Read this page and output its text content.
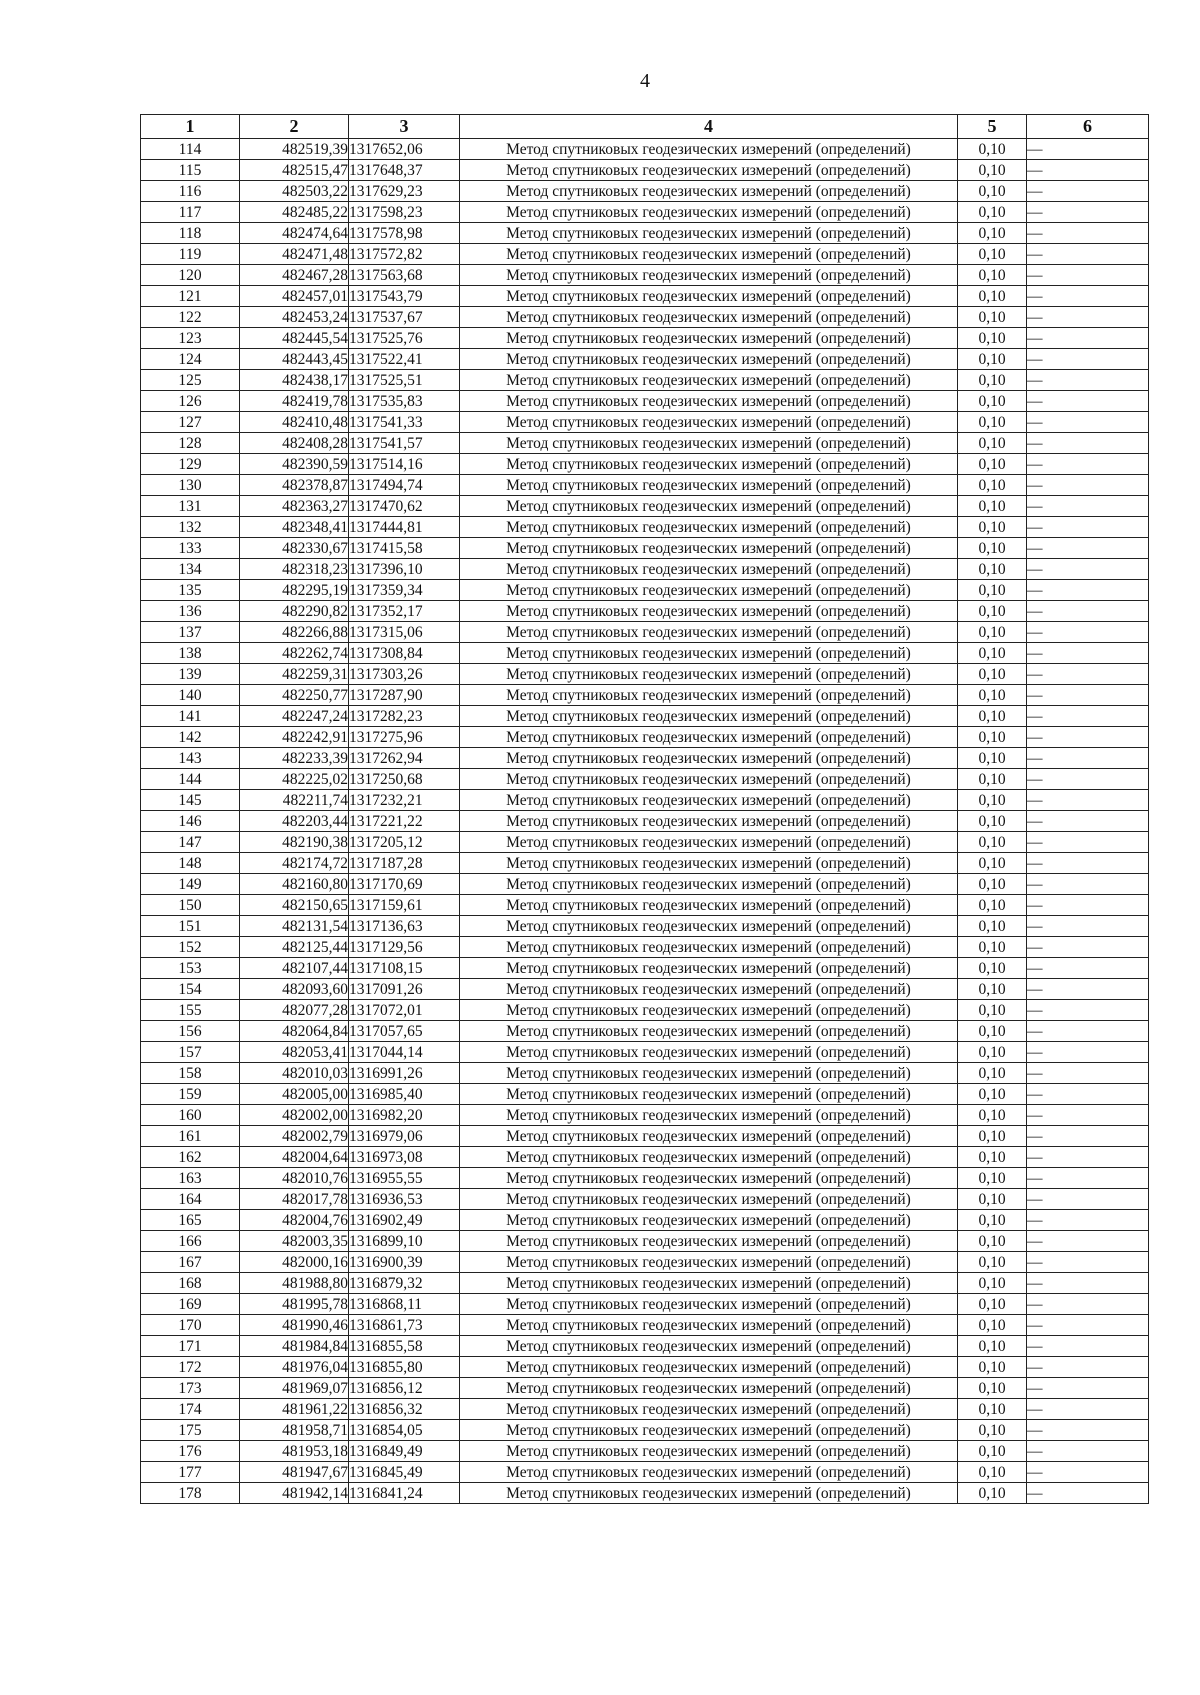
4
1	2	3	4	5	6
114	482519,39	1317652,06	Метод спутниковых геодезических измерений (определений)	0,10	—
115	482515,47	1317648,37	Метод спутниковых геодезических измерений (определений)	0,10	—
116	482503,22	1317629,23	Метод спутниковых геодезических измерений (определений)	0,10	—
117	482485,22	1317598,23	Метод спутниковых геодезических измерений (определений)	0,10	—
118	482474,64	1317578,98	Метод спутниковых геодезических измерений (определений)	0,10	—
119	482471,48	1317572,82	Метод спутниковых геодезических измерений (определений)	0,10	—
120	482467,28	1317563,68	Метод спутниковых геодезических измерений (определений)	0,10	—
121	482457,01	1317543,79	Метод спутниковых геодезических измерений (определений)	0,10	—
122	482453,24	1317537,67	Метод спутниковых геодезических измерений (определений)	0,10	—
123	482445,54	1317525,76	Метод спутниковых геодезических измерений (определений)	0,10	—
124	482443,45	1317522,41	Метод спутниковых геодезических измерений (определений)	0,10	—
125	482438,17	1317525,51	Метод спутниковых геодезических измерений (определений)	0,10	—
126	482419,78	1317535,83	Метод спутниковых геодезических измерений (определений)	0,10	—
127	482410,48	1317541,33	Метод спутниковых геодезических измерений (определений)	0,10	—
128	482408,28	1317541,57	Метод спутниковых геодезических измерений (определений)	0,10	—
129	482390,59	1317514,16	Метод спутниковых геодезических измерений (определений)	0,10	—
130	482378,87	1317494,74	Метод спутниковых геодезических измерений (определений)	0,10	—
131	482363,27	1317470,62	Метод спутниковых геодезических измерений (определений)	0,10	—
132	482348,41	1317444,81	Метод спутниковых геодезических измерений (определений)	0,10	—
133	482330,67	1317415,58	Метод спутниковых геодезических измерений (определений)	0,10	—
134	482318,23	1317396,10	Метод спутниковых геодезических измерений (определений)	0,10	—
135	482295,19	1317359,34	Метод спутниковых геодезических измерений (определений)	0,10	—
136	482290,82	1317352,17	Метод спутниковых геодезических измерений (определений)	0,10	—
137	482266,88	1317315,06	Метод спутниковых геодезических измерений (определений)	0,10	—
138	482262,74	1317308,84	Метод спутниковых геодезических измерений (определений)	0,10	—
139	482259,31	1317303,26	Метод спутниковых геодезических измерений (определений)	0,10	—
140	482250,77	1317287,90	Метод спутниковых геодезических измерений (определений)	0,10	—
141	482247,24	1317282,23	Метод спутниковых геодезических измерений (определений)	0,10	—
142	482242,91	1317275,96	Метод спутниковых геодезических измерений (определений)	0,10	—
143	482233,39	1317262,94	Метод спутниковых геодезических измерений (определений)	0,10	—
144	482225,02	1317250,68	Метод спутниковых геодезических измерений (определений)	0,10	—
145	482211,74	1317232,21	Метод спутниковых геодезических измерений (определений)	0,10	—
146	482203,44	1317221,22	Метод спутниковых геодезических измерений (определений)	0,10	—
147	482190,38	1317205,12	Метод спутниковых геодезических измерений (определений)	0,10	—
148	482174,72	1317187,28	Метод спутниковых геодезических измерений (определений)	0,10	—
149	482160,80	1317170,69	Метод спутниковых геодезических измерений (определений)	0,10	—
150	482150,65	1317159,61	Метод спутниковых геодезических измерений (определений)	0,10	—
151	482131,54	1317136,63	Метод спутниковых геодезических измерений (определений)	0,10	—
152	482125,44	1317129,56	Метод спутниковых геодезических измерений (определений)	0,10	—
153	482107,44	1317108,15	Метод спутниковых геодезических измерений (определений)	0,10	—
154	482093,60	1317091,26	Метод спутниковых геодезических измерений (определений)	0,10	—
155	482077,28	1317072,01	Метод спутниковых геодезических измерений (определений)	0,10	—
156	482064,84	1317057,65	Метод спутниковых геодезических измерений (определений)	0,10	—
157	482053,41	1317044,14	Метод спутниковых геодезических измерений (определений)	0,10	—
158	482010,03	1316991,26	Метод спутниковых геодезических измерений (определений)	0,10	—
159	482005,00	1316985,40	Метод спутниковых геодезических измерений (определений)	0,10	—
160	482002,00	1316982,20	Метод спутниковых геодезических измерений (определений)	0,10	—
161	482002,79	1316979,06	Метод спутниковых геодезических измерений (определений)	0,10	—
162	482004,64	1316973,08	Метод спутниковых геодезических измерений (определений)	0,10	—
163	482010,76	1316955,55	Метод спутниковых геодезических измерений (определений)	0,10	—
164	482017,78	1316936,53	Метод спутниковых геодезических измерений (определений)	0,10	—
165	482004,76	1316902,49	Метод спутниковых геодезических измерений (определений)	0,10	—
166	482003,35	1316899,10	Метод спутниковых геодезических измерений (определений)	0,10	—
167	482000,16	1316900,39	Метод спутниковых геодезических измерений (определений)	0,10	—
168	481988,80	1316879,32	Метод спутниковых геодезических измерений (определений)	0,10	—
169	481995,78	1316868,11	Метод спутниковых геодезических измерений (определений)	0,10	—
170	481990,46	1316861,73	Метод спутниковых геодезических измерений (определений)	0,10	—
171	481984,84	1316855,58	Метод спутниковых геодезических измерений (определений)	0,10	—
172	481976,04	1316855,80	Метод спутниковых геодезических измерений (определений)	0,10	—
173	481969,07	1316856,12	Метод спутниковых геодезических измерений (определений)	0,10	—
174	481961,22	1316856,32	Метод спутниковых геодезических измерений (определений)	0,10	—
175	481958,71	1316854,05	Метод спутниковых геодезических измерений (определений)	0,10	—
176	481953,18	1316849,49	Метод спутниковых геодезических измерений (определений)	0,10	—
177	481947,67	1316845,49	Метод спутниковых геодезических измерений (определений)	0,10	—
178	481942,14	1316841,24	Метод спутниковых геодезических измерений (определений)	0,10	—
